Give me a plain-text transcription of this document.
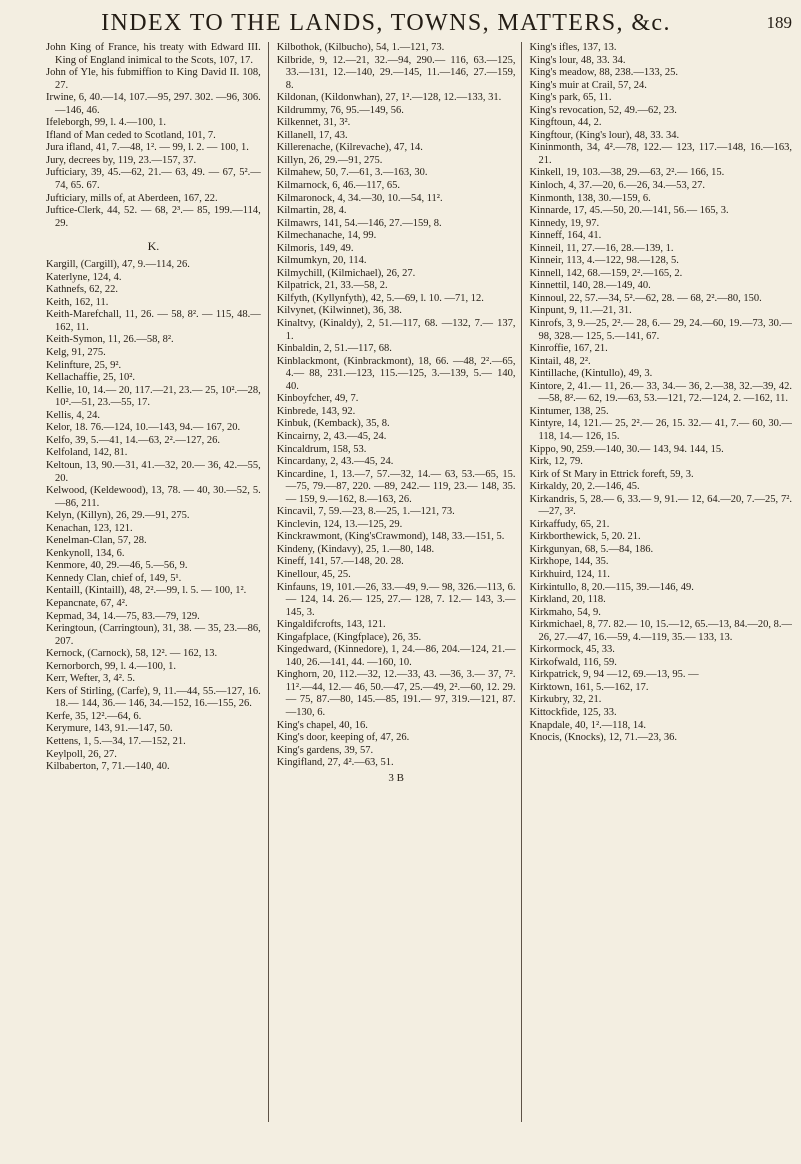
INDEX TO THE LANDS, TOWNS, MATTERS, &c.	189
John King of France, his treaty with Edward III. King of England inimical to the Scots, 107, 17.
John of Yle, his fubmiffion to King David II. 108, 27.
Irwine, 6, 40.—14, 107.—95, 297. 302. —96, 306.—146, 46.
Ifeleborgh, 99, l. 4.—100, 1.
Ifland of Man ceded to Scotland, 101, 7.
Jura ifland, 41, 7.—48, 1². — 99, l. 2. — 100, 1.
Jury, decrees by, 119, 23.—157, 37.
Jufticiary, 39, 45.—62, 21.— 63, 49. — 67, 5².—74, 65. 67.
Jufticiary, mills of, at Aberdeen, 167, 22.
Juftice-Clerk, 44, 52. — 68, 2³.— 85, 199.—114, 29.
K.
Kargill, (Cargill), 47, 9.—114, 26.
Katerlyne, 124, 4.
Kathnefs, 62, 22.
Keith, 162, 11.
Keith-Marefchall, 11, 26. — 58, 8². — 115, 48.—162, 11.
Keith-Symon, 11, 26.—58, 8².
Kelg, 91, 275.
Kelinfture, 25, 9².
Kellachaffie, 25, 10².
Kellie, 10, 14.— 20, 117.—21, 23.— 25, 10².—28, 10².—51, 23.—55, 17.
Kellis, 4, 24.
Kelor, 18. 76.—124, 10.—143, 94.— 167, 20.
Kelfo, 39, 5.—41, 14.—63, 2².—127, 26.
Kelfoland, 142, 81.
Keltoun, 13, 90.—31, 41.—32, 20.— 36, 42.—55, 20.
Kelwood, (Keldewood), 13, 78. — 40, 30.—52, 5.—86, 211.
Kelyn, (Killyn), 26, 29.—91, 275.
Kenachan, 123, 121.
Kenelman-Clan, 57, 28.
Kenkynoll, 134, 6.
Kenmore, 40, 29.—46, 5.—56, 9.
Kennedy Clan, chief of, 149, 5¹.
Kentaill, (Kintaill), 48, 2².—99, l. 5. — 100, 1².
Kepancnate, 67, 4².
Kepmad, 34, 14.—75, 83.—79, 129.
Keringtoun, (Carringtoun), 31, 38. — 35, 23.—86, 207.
Kernock, (Carnock), 58, 12². — 162, 13.
Kernorborch, 99, l. 4.—100, 1.
Kerr, Wefter, 3, 4². 5.
Kers of Stirling, (Carfe), 9, 11.—44, 55.—127, 16. 18.— 144, 36.— 146, 34.—152, 16.—155, 26.
Kerfe, 35, 12².—64, 6.
Kerymure, 143, 91.—147, 50.
Kettens, 1, 5.—34, 17.—152, 21.
Keylpoll, 26, 27.
Kilbaberton, 7, 71.—140, 40.
Kilbothok, (Kilbucho), 54, 1.—121, 73.
Kilbride, 9, 12.—21, 32.—94, 290.— 116, 63.—125, 33.—131, 12.—140, 29.—145, 11.—146, 27.—159, 8.
Kildonan, (Kildonwhan), 27, 1².—128, 12.—133, 31.
Kildrummy, 76, 95.—149, 56.
Kilkennet, 31, 3².
Killanell, 17, 43.
Killerenache, (Kilrevache), 47, 14.
Killyn, 26, 29.—91, 275.
Kilmahew, 50, 7.—61, 3.—163, 30.
Kilmarnock, 6, 46.—117, 65.
Kilmaronock, 4, 34.—30, 10.—54, 11².
Kilmartin, 28, 4.
Kilmawrs, 141, 54.—146, 27.—159, 8.
Kilmechanache, 14, 99.
Kilmoris, 149, 49.
Kilmumkyn, 20, 114.
Kilmychill, (Kilmichael), 26, 27.
Kilpatrick, 21, 33.—58, 2.
Kilfyth, (Kyllynfyth), 42, 5.—69, l. 10. —71, 12.
Kilvynet, (Kilwinnet), 36, 38.
Kinaltvy, (Kinaldy), 2, 51.—117, 68. —132, 7.— 137, 1.
Kinbaldin, 2, 51.—117, 68.
Kinblackmont, (Kinbrackmont), 18, 66. —48, 2².—65, 4.— 88, 231.—123, 115.—125, 3.—139, 5.— 140, 40.
Kinboyfcher, 49, 7.
Kinbrede, 143, 92.
Kinbuk, (Kemback), 35, 8.
Kincairny, 2, 43.—45, 24.
Kincaldrum, 158, 53.
Kincardany, 2, 43.—45, 24.
Kincardine, 1, 13.—7, 57.—32, 14.— 63, 53.—65, 15.—75, 79.—87, 220. —89, 242.— 119, 23.— 148, 35.— 159, 9.—162, 8.—163, 26.
Kincavil, 7, 59.—23, 8.—25, 1.—121, 73.
Kinclevin, 124, 13.—125, 29.
Kinckrawmont, (King'sCrawmond), 148, 33.—151, 5.
Kindeny, (Kindavy), 25, 1.—80, 148.
Kineff, 141, 57.—148, 20. 28.
Kinellour, 45, 25.
Kinfauns, 19, 101.—26, 33.—49, 9.— 98, 326.—113, 6.— 124, 14. 26.— 125, 27.— 128, 7. 12.— 143, 3.— 145, 3.
Kingaldifcrofts, 143, 121.
Kingafplace, (Kingfplace), 26, 35.
Kingedward, (Kinnedore), 1, 24.—86, 204.—124, 21.—140, 26.—141, 44. —160, 10.
Kinghorn, 20, 112.—32, 12.—33, 43. —36, 3.— 37, 7². 11².—44, 12.— 46, 50.—47, 25.—49, 2².—60, 12. 29.— 75, 87.—80, 145.—85, 191.— 97, 319.—121, 87.—130, 6.
King's chapel, 40, 16.
King's door, keeping of, 47, 26.
King's gardens, 39, 57.
Kingifland, 27, 4².—63, 51.
3 B
King's ifles, 137, 13.
King's lour, 48, 33. 34.
King's meadow, 88, 238.—133, 25.
King's muir at Crail, 57, 24.
King's park, 65, 11.
King's revocation, 52, 49.—62, 23.
Kingftoun, 44, 2.
Kingftour, (King's lour), 48, 33. 34.
Kininmonth, 34, 4².—78, 122.— 123, 117.—148, 16.—163, 21.
Kinkell, 19, 103.—38, 29.—63, 2².— 166, 15.
Kinloch, 4, 37.—20, 6.—26, 34.—53, 27.
Kinmonth, 138, 30.—159, 6.
Kinnarde, 17, 45.—50, 20.—141, 56.— 165, 3.
Kinnedy, 19, 97.
Kinneff, 164, 41.
Kinneil, 11, 27.—16, 28.—139, 1.
Kinneir, 113, 4.—122, 98.—128, 5.
Kinnell, 142, 68.—159, 2².—165, 2.
Kinnettil, 140, 28.—149, 40.
Kinnoul, 22, 57.—34, 5².—62, 28. — 68, 2².—80, 150.
Kinpunt, 9, 11.—21, 31.
Kinrofs, 3, 9.—25, 2².— 28, 6.— 29, 24.—60, 19.—73, 30.—98, 328.— 125, 5.—141, 67.
Kinroffie, 167, 21.
Kintail, 48, 2².
Kintillache, (Kintullo), 49, 3.
Kintore, 2, 41.— 11, 26.— 33, 34.— 36, 2.—38, 32.—39, 42.—58, 8².— 62, 19.—63, 53.—121, 72.—124, 2. —162, 11.
Kintumer, 138, 25.
Kintyre, 14, 121.— 25, 2².— 26, 15. 32.— 41, 7.— 60, 30.— 118, 14.— 126, 15.
Kippo, 90, 259.—140, 30.— 143, 94. 144, 15.
Kirk, 12, 79.
Kirk of St Mary in Ettrick foreft, 59, 3.
Kirkaldy, 20, 2.—146, 45.
Kirkandris, 5, 28.— 6, 33.— 9, 91.— 12, 64.—20, 7.—25, 7².—27, 3².
Kirkaffudy, 65, 21.
Kirkborthewick, 5, 20. 21.
Kirkgunyan, 68, 5.—84, 186.
Kirkhope, 144, 35.
Kirkhuird, 124, 11.
Kirkintullo, 8, 20.—115, 39.—146, 49.
Kirkland, 20, 118.
Kirkmaho, 54, 9.
Kirkmichael, 8, 77. 82.— 10, 15.—12, 65.—13, 84.—20, 8.—26, 27.—47, 16.—59, 4.—119, 35.— 133, 13.
Kirkormock, 45, 33.
Kirkofwald, 116, 59.
Kirkpatrick, 9, 94 —12, 69.—13, 95. —
Kirktown, 161, 5.—162, 17.
Kirkubry, 32, 21.
Kittockfide, 125, 33.
Knapdale, 40, 1².—118, 14.
Knocis, (Knocks), 12, 71.—23, 36.
